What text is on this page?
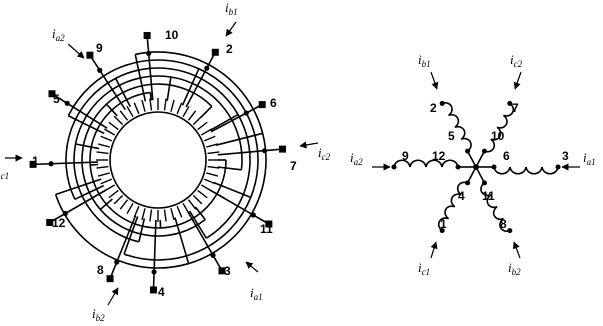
10
2
9
5	6
1	7
12	11
8	3
4
$i_{b1}$
$i_{a2}$
$i_{c2}$
$_{c1}$
$i_{a1}$
$i_{b2}$
2	7
5	10
9 12	6	3
4 11
1	8
$i_{b1}$	$i_{c2}$
$i_{a2}$	$i_{a1}$
$i_{c1}$	$i_{b2}$
